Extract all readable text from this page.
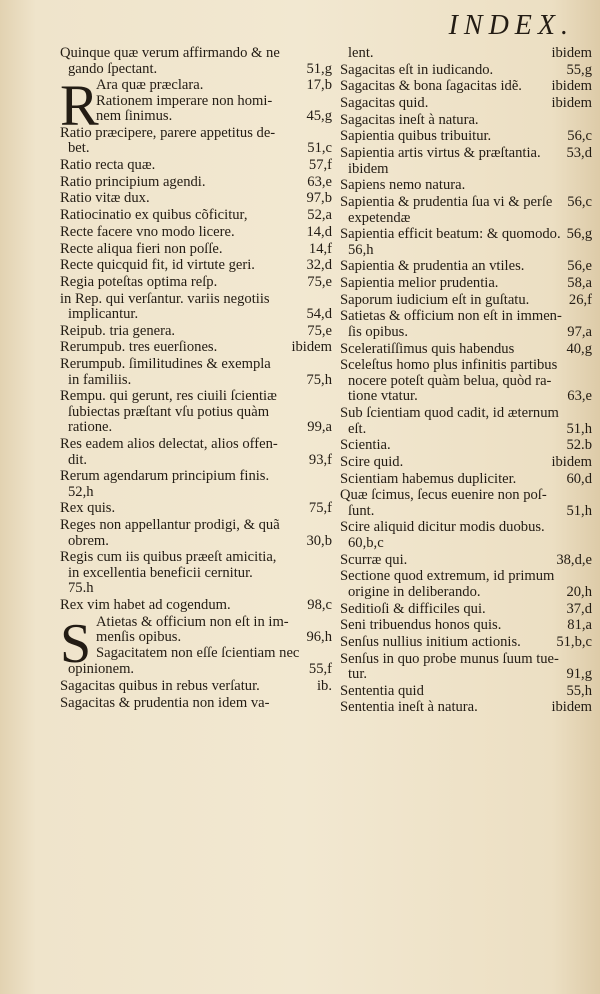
INDEX.
Quinque quæ verum affirmando & ne
gando ſpectant.	51,g
R
Ara quæ præclara.	17,b
Rationem imperare non homi-
nem ſinimus.	45,g
Ratio præcipere, parere appetitus de-
bet.	51,c
Ratio recta quæ.	57,f
Ratio principium agendi.	63,e
Ratio vitæ dux.	97,b
Ratiocinatio ex quibus cõficitur,	52,a
Recte facere vno modo licere.	14,d
Recte aliqua fieri non poſſe.	14,f
Recte quicquid fit, id virtute geri.	32,d
Regia poteſtas optima reſp.	75,e
in Rep. qui verſantur. variis negotiis
implicantur.	54,d
Reipub. tria genera.	75,e
Rerumpub. tres euerſiones.	ibidem
Rerumpub. ſimilitudines & exempla
in familiis.	75,h
Rempu. qui gerunt, res ciuili ſcientiæ
ſubiectas præſtant vſu potius quàm
ratione.	99,a
Res eadem alios delectat, alios offen-
dit.	93,f
Rerum agendarum principium finis.
52,h
Rex quis.	75,f
Reges non appellantur prodigi, & quã
obrem.	30,b
Regis cum iis quibus præeſt amicitia,
in excellentia beneficii cernitur.
75.h
Rex vim habet ad cogendum.	98,c
S Atietas & officium non eſt in im-
menſis opibus.	96,h
Sagacitatem non eſſe ſcientiam nec
opinionem.	55,f
Sagacitas quibus in rebus verſatur.	ib.
Sagacitas & prudentia non idem va-
lent.	ibidem
Sagacitas eſt in iudicando.	55,g
Sagacitas & bona ſagacitas idẽ.	ibidem
Sagacitas quid.	ibidem
Sagacitas ineſt à natura.
Sapientia quibus tribuitur.	56,c
Sapientia artis virtus & præſtantia.	53,d
ibidem
Sapiens nemo natura.
Sapientia & prudentia ſua vi & perſe	56,c
expetendæ
Sapientia efficit beatum: & quomodo. 56,g
56,h
Sapientia & prudentia an vtiles.	56,e
Sapientia melior prudentia.	58,a
Saporum iudicium eſt in guſtatu.	26,f
Satietas & officium non eſt in immen-
ſis opibus.	97,a
Sceleratiſſimus quis habendus	40,g
Sceleſtus homo plus infinitis partibus
nocere poteſt quàm belua, quòd ra-
tione vtatur.	63,e
Sub ſcientiam quod cadit, id æternum
eſt.	51,h
Scientia.	52.b
Scire quid.	ibidem
Scientiam habemus dupliciter.	60,d
Quæ ſcimus, ſecus euenire non poſ-
ſunt.	51,h
Scire aliquid dicitur modis duobus.
60,b,c
Scurræ qui.	38,d,e
Sectione quod extremum, id primum
origine in deliberando.	20,h
Seditioſi & difficiles qui.	37,d
Seni tribuendus honos quis.	81,a
Senſus nullius initium actionis.	51,b,c
Senſus in quo probe munus ſuum tue-
tur.	91,g
Sententia quid	55,h
Sententia ineſt à natura.	ibidem
